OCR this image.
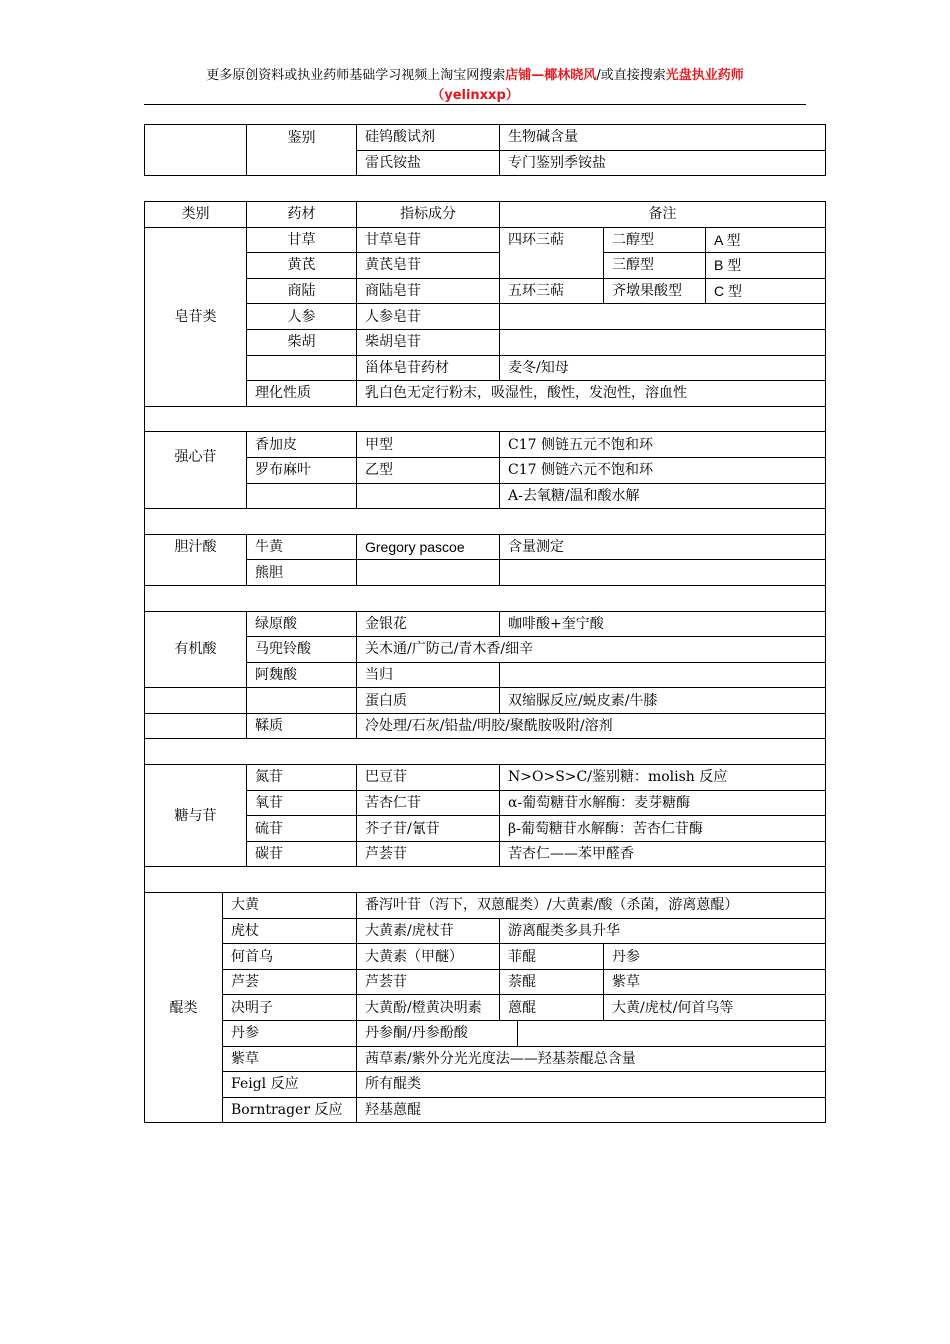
更多原创资料或执业药师基础学习视频上淘宝网搜索店铺—椰林晓风/或直接搜索光盘执业药师
（yelinxxp）
	鉴别	硅钨酸试剂	生物碱含量
		雷氏铵盐	专门鉴别季铵盐
类别		药材	指标成分	备注			
皂苷类		甘草	甘草皂苷	四环三萜		二醇型	A 型
		黄芪	黄芪皂苷			三醇型	B 型
		商陆	商陆皂苷	五环三萜		齐墩果酸型	C 型
		人参	人参皂苷				
		柴胡	柴胡皂苷				
			甾体皂苷药材	麦冬/知母			
		理化性质	乳白色无定行粉末，吸湿性，酸性，发泡性，溶血性				

强心苷		香加皮	甲型	C17 侧链五元不饱和环			
		罗布麻叶	乙型	C17 侧链六元不饱和环			
				A-去氧糖/温和酸水解			

胆汁酸		牛黄	Gregory pascoe	含量测定			
		熊胆					

有机酸		绿原酸	金银花	咖啡酸+奎宁酸			
		马兜铃酸	关木通/广防己/青木香/细辛				
		阿魏酸	当归				
			蛋白质	双缩脲反应/蜕皮素/牛膝			
		鞣质	冷处理/石灰/铅盐/明胶/聚酰胺吸附/溶剂				

糖与苷		氮苷	巴豆苷	N>O>S>C/鉴别糖：molish 反应			
		氧苷	苦杏仁苷	α-葡萄糖苷水解酶：麦芽糖酶			
		硫苷	芥子苷/氰苷	β-葡萄糖苷水解酶：苦杏仁苷酶			
		碳苷	芦荟苷	苦杏仁——苯甲醛香			

醌类	大黄		番泻叶苷（泻下，双蒽醌类）/大黄素/酸（杀菌，游离蒽醌）				
	虎杖		大黄素/虎杖苷	游离醌类多具升华			
	何首乌		大黄素（甲醚）	菲醌		丹参	
	芦荟		芦荟苷	萘醌		紫草	
	决明子		大黄酚/橙黄决明素	蒽醌		大黄/虎杖/何首乌等	
	丹参		丹参酮/丹参酚酸				
	紫草		茜草素/紫外分光光度法——羟基萘醌总含量				
	Feigl 反应		所有醌类				
	Borntrager 反应		羟基蒽醌				
